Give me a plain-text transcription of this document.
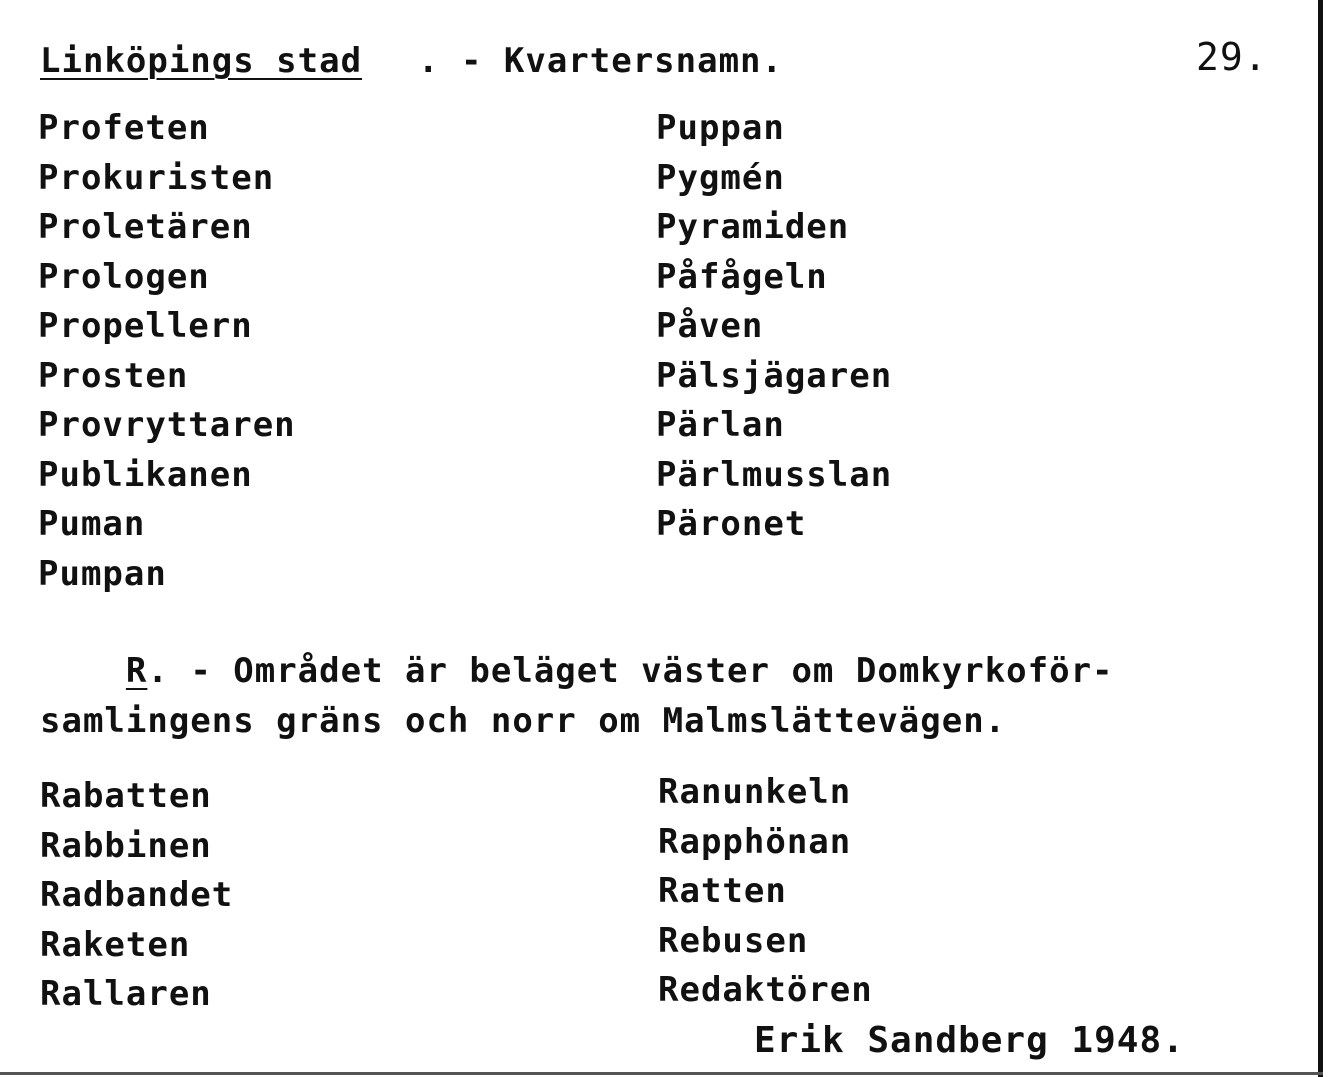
Linköpings stad . - Kvartersnamn.	29.

Profeten
Prokuristen
Proletären
Prologen
Propellern
Prosten
Provryttaren
Publikanen
Puman
Pumpan
Puppan
Pygmén
Pyramiden
Påfågeln
Påven
Pälsjägaren
Pärlan
Pärlmusslan
Päronet

R. - Området är beläget väster om Domkyrkoför-

samlingens gräns och norr om Malmslättevägen.

Rabatten
Rabbinen
Radbandet
Raketen
Rallaren
Ranunkeln
Rapphönan
Ratten
Rebusen
Redaktören

Erik Sandberg 1948.
